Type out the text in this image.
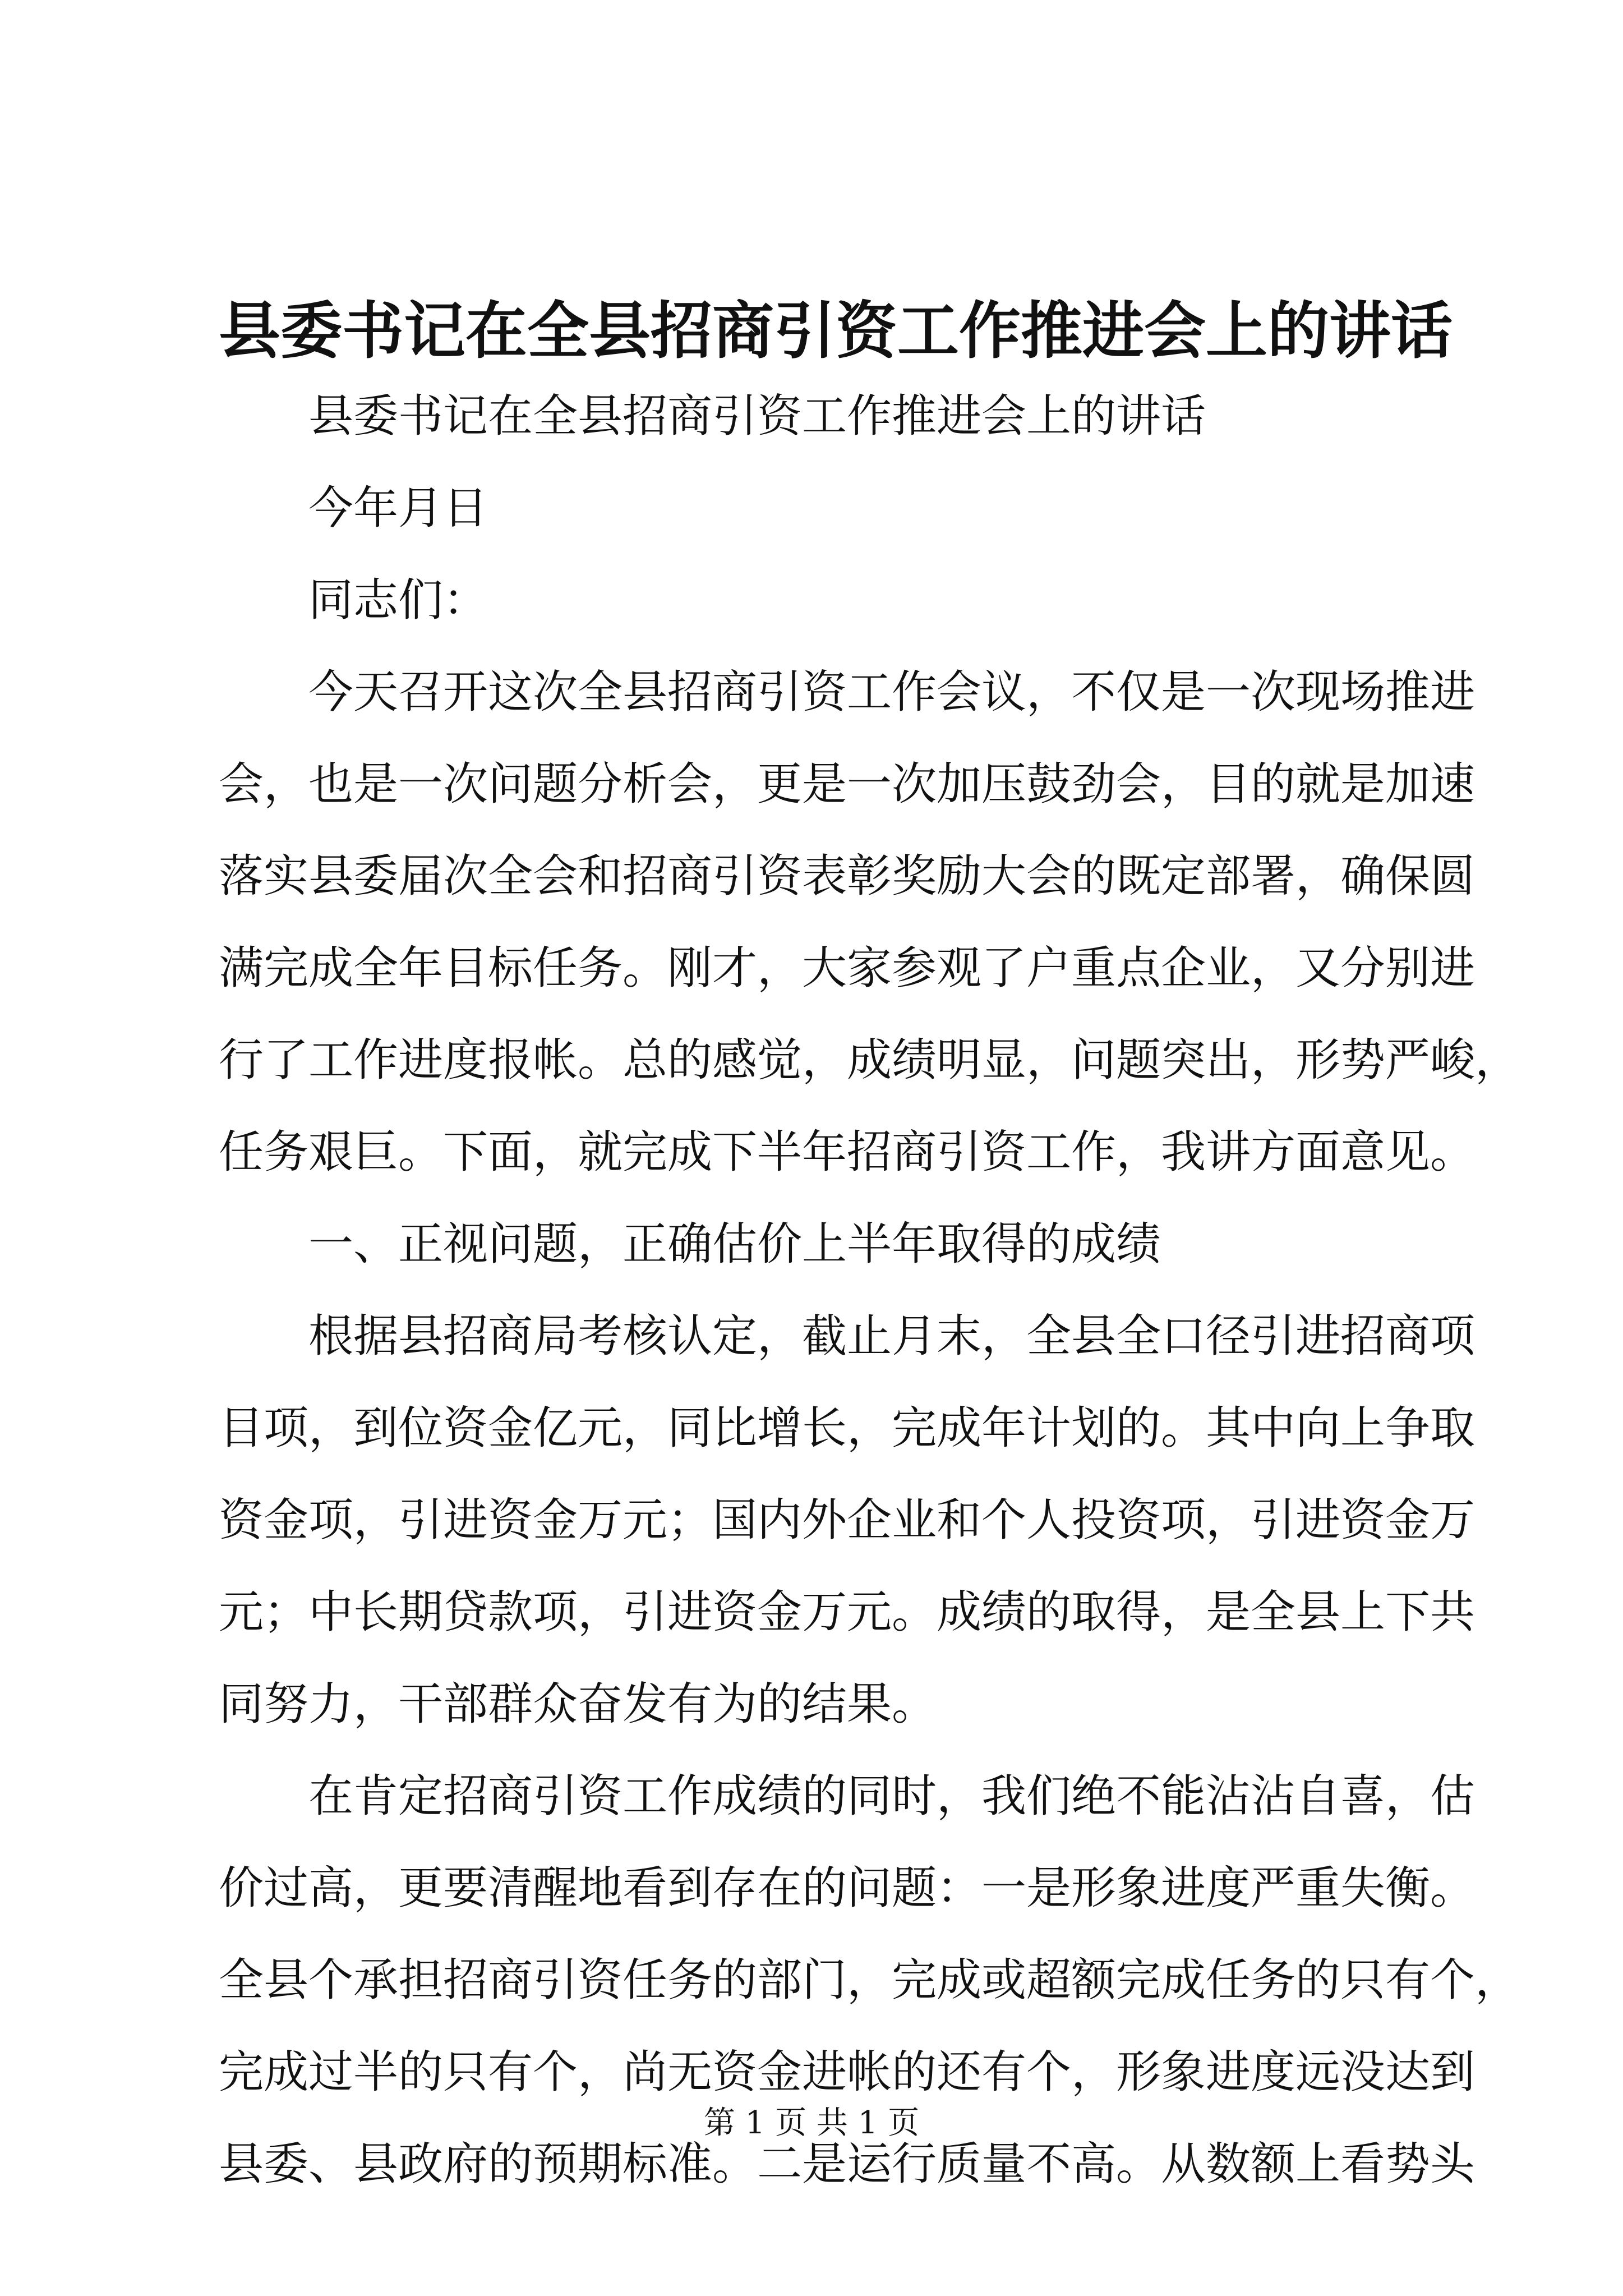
县委书记在全县招商引资工作推进会上的讲话
县委书记在全县招商引资工作推进会上的讲话
今年月日
同志们：
今天召开这次全县招商引资工作会议，不仅是一次现场推进
会，也是一次问题分析会，更是一次加压鼓劲会，目的就是加速
落实县委届次全会和招商引资表彰奖励大会的既定部署，确保圆
满完成全年目标任务。刚才，大家参观了户重点企业，又分别进
行了工作进度报帐。总的感觉，成绩明显，问题突出，形势严峻，
任务艰巨。下面，就完成下半年招商引资工作，我讲方面意见。
一、正视问题，正确估价上半年取得的成绩
根据县招商局考核认定，截止月末，全县全口径引进招商项
目项，到位资金亿元，同比增长，完成年计划的。其中向上争取
资金项，引进资金万元；国内外企业和个人投资项，引进资金万
元；中长期贷款项，引进资金万元。成绩的取得，是全县上下共
同努力，干部群众奋发有为的结果。
在肯定招商引资工作成绩的同时，我们绝不能沾沾自喜，估
价过高，更要清醒地看到存在的问题：一是形象进度严重失衡。
全县个承担招商引资任务的部门，完成或超额完成任务的只有个，
完成过半的只有个，尚无资金进帐的还有个，形象进度远没达到
县委、县政府的预期标准。二是运行质量不高。从数额上看势头
第 1 页 共 1 页
